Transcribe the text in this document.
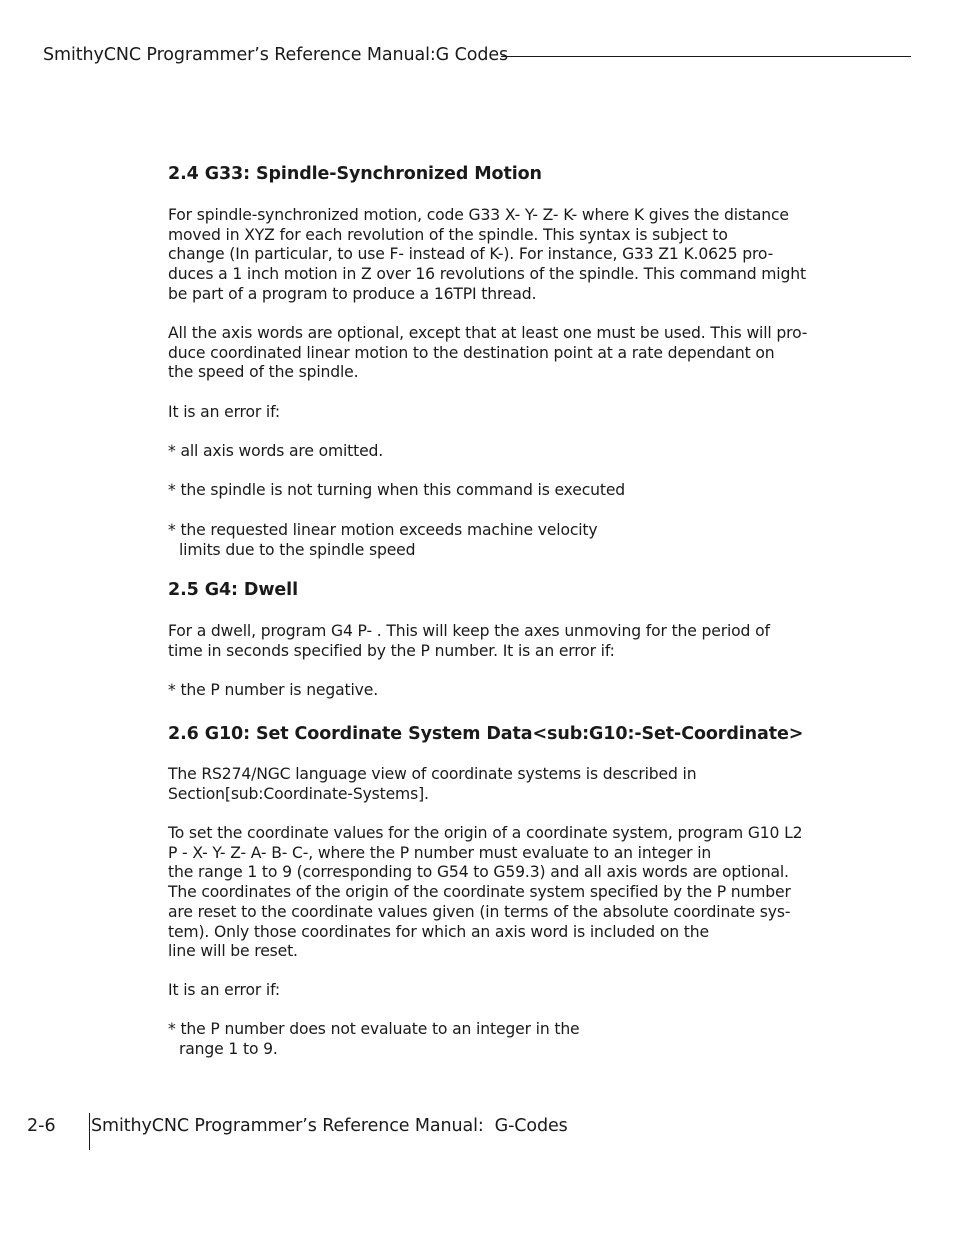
SmithyCNC Programmer’s Reference Manual:G Codes
2.4 G33: Spindle-Synchronized Motion
For spindle-synchronized motion, code G33 X- Y- Z- K- where K gives the distance
moved in XYZ for each revolution of the spindle. This syntax is subject to
change (In particular, to use F- instead of K-). For instance, G33 Z1 K.0625 pro-
duces a 1 inch motion in Z over 16 revolutions of the spindle. This command might
be part of a program to produce a 16TPI thread.
All the axis words are optional, except that at least one must be used. This will pro-
duce coordinated linear motion to the destination point at a rate dependant on
the speed of the spindle.
It is an error if:
* all axis words are omitted.
* the spindle is not turning when this command is executed
* the requested linear motion exceeds machine velocity
limits due to the spindle speed
2.5 G4: Dwell
For a dwell, program G4 P- . This will keep the axes unmoving for the period of
time in seconds specified by the P number. It is an error if:
* the P number is negative.
2.6 G10: Set Coordinate System Data<sub:G10:-Set-Coordinate>
The RS274/NGC language view of coordinate systems is described in
Section[sub:Coordinate-Systems].
To set the coordinate values for the origin of a coordinate system, program G10 L2
P - X- Y- Z- A- B- C-, where the P number must evaluate to an integer in
the range 1 to 9 (corresponding to G54 to G59.3) and all axis words are optional.
The coordinates of the origin of the coordinate system specified by the P number
are reset to the coordinate values given (in terms of the absolute coordinate sys-
tem). Only those coordinates for which an axis word is included on the
line will be reset.
It is an error if:
* the P number does not evaluate to an integer in the
range 1 to 9.
2-6 SmithyCNC Programmer’s Reference Manual:  G-Codes
